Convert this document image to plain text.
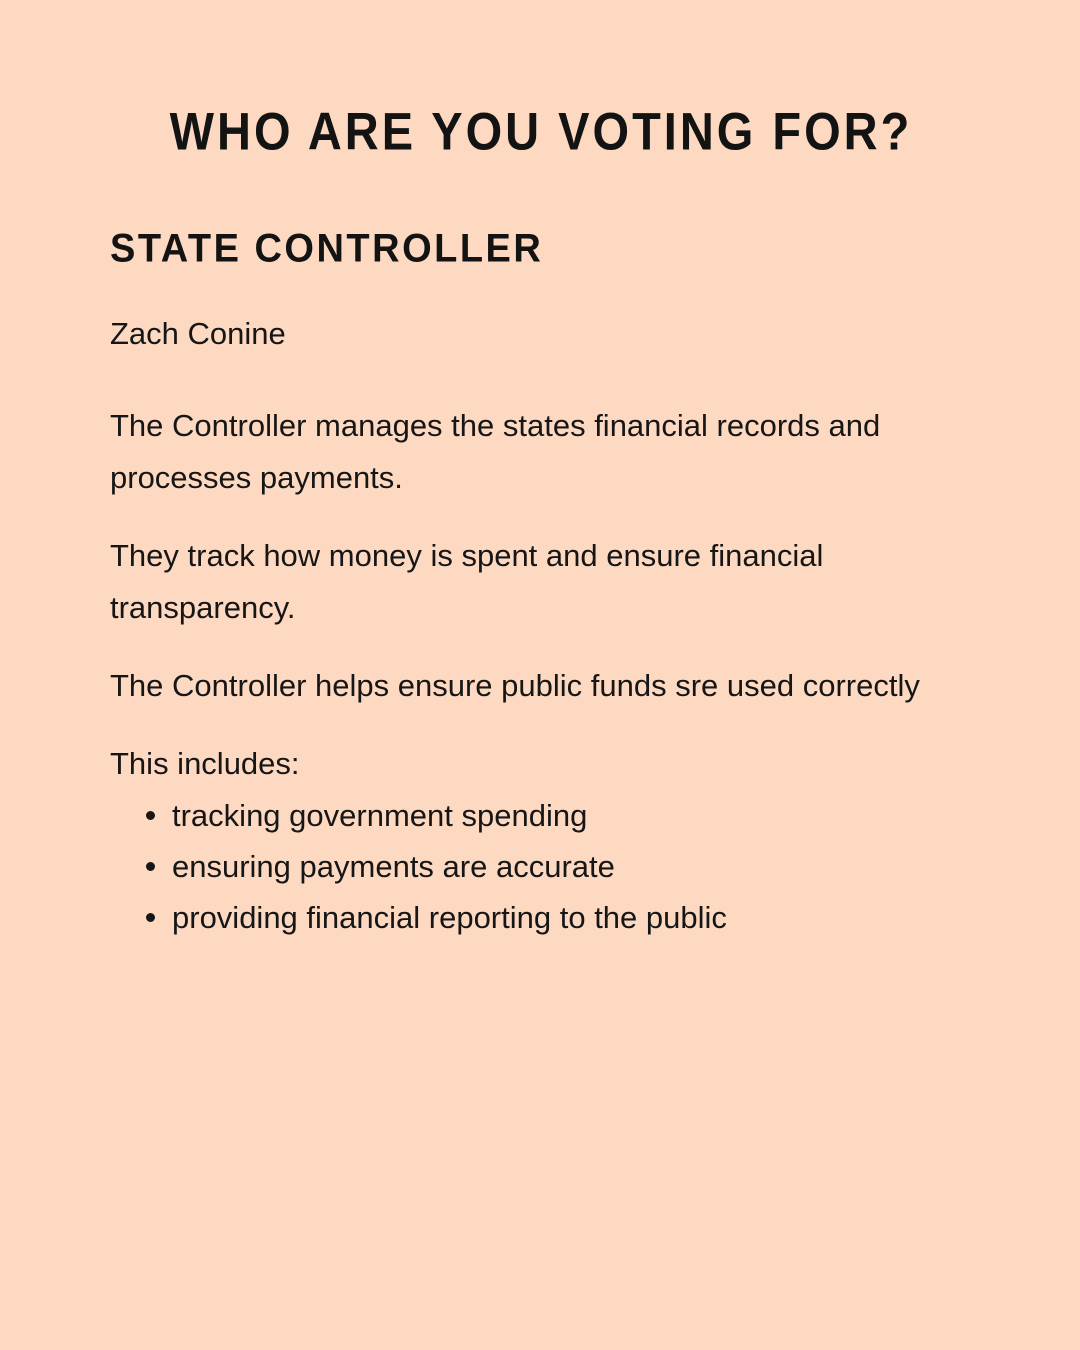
WHO ARE YOU VOTING FOR?
STATE CONTROLLER

Zach Conine

The Controller manages the states financial records and processes payments.

They track how money is spent and ensure financial transparency.

The Controller helps ensure public funds sre used correctly

This includes:

tracking government spending
ensuring payments are accurate
providing financial reporting to the public
